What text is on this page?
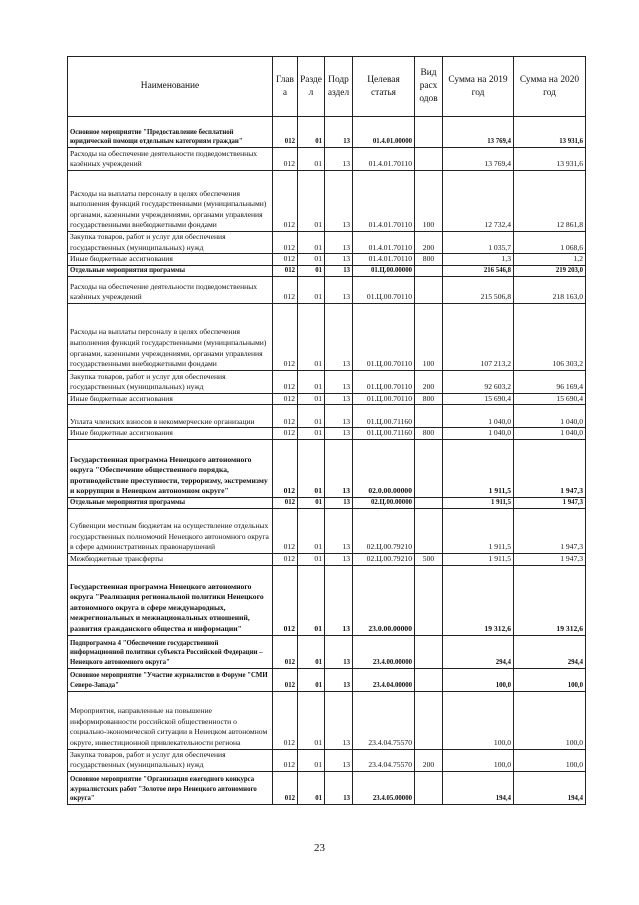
Наименование	Глав а	Разде л	Подр аздел	Целевая статья	Вид расх одов	Сумма на 2019 год	Сумма на 2020 год
Основное мероприятие "Предоставление бесплатной юридической помощи отдельным категориям граждан"	012	01	13	01.4.01.00000		13 769,4	13 931,6
Расходы на обеспечение деятельности подведомственных казённых учреждений	012	01	13	01.4.01.70110		13 769,4	13 931,6
Расходы на выплаты персоналу в целях обеспечения выполнения функций государственными (муниципальными) органами, казенными учреждениями, органами управления государственными внебюджетными фондами	012	01	13	01.4.01.70110	100	12 732,4	12 861,8
Закупка товаров, работ и услуг для обеспечения государственных (муниципальных) нужд	012	01	13	01.4.01.70110	200	1 035,7	1 068,6
Иные бюджетные ассигнования	012	01	13	01.4.01.70110	800	1,3	1,2
Отдельные мероприятия программы	012	01	13	01.Ц.00.00000		216 546,8	219 203,0
Расходы на обеспечение деятельности подведомственных казённых учреждений	012	01	13	01.Ц.00.70110		215 506,8	218 163,0
Расходы на выплаты персоналу в целях обеспечения выполнения функций государственными (муниципальными) органами, казенными учреждениями, органами управления государственными внебюджетными фондами	012	01	13	01.Ц.00.70110	100	107 213,2	106 303,2
Закупка товаров, работ и услуг для обеспечения государственных (муниципальных) нужд	012	01	13	01.Ц.00.70110	200	92 603,2	96 169,4
Иные бюджетные ассигнования	012	01	13	01.Ц.00.70110	800	15 690,4	15 690,4
Уплата членских взносов в некоммерческие организации	012	01	13	01.Ц.00.71160		1 040,0	1 040,0
Иные бюджетные ассигнования	012	01	13	01.Ц.00.71160	800	1 040,0	1 040,0
Государственная программа Ненецкого автономного округа "Обеспечение общественного порядка, противодействие преступности, терроризму, экстремизму и коррупции в Ненецком автономном округе"	012	01	13	02.0.00.00000		1 911,5	1 947,3
Отдельные мероприятия программы	012	01	13	02.Ц.00.00000		1 911,5	1 947,3
Субвенции местным бюджетам на осуществление отдельных государственных полномочий Ненецкого автономного округа в сфере административных правонарушений	012	01	13	02.Ц.00.79210		1 911,5	1 947,3
Межбюджетные трансферты	012	01	13	02.Ц.00.79210	500	1 911,5	1 947,3
Государственная программа Ненецкого автономного округа "Реализация региональной политики Ненецкого автономного округа в сфере международных, межрегиональных и межнациональных отношений, развития гражданского общества и информации"	012	01	13	23.0.00.00000		19 312,6	19 312,6
Подпрограмма 4 "Обеспечение государственной информационной политики субъекта Российской Федерации – Ненецкого автономного округа"	012	01	13	23.4.00.00000		294,4	294,4
Основное мероприятие "Участие журналистов в Форуме "СМИ Северо-Запада"	012	01	13	23.4.04.00000		100,0	100,0
Мероприятия, направленные на повышение информированности российской общественности о социально-экономической ситуации в Ненецком автономном округе, инвестиционной привлекательности региона	012	01	13	23.4.04.75570		100,0	100,0
Закупка товаров, работ и услуг для обеспечения государственных (муниципальных) нужд	012	01	13	23.4.04.75570	200	100,0	100,0
Основное мероприятие "Организация ежегодного конкурса журналистских работ "Золотое перо Ненецкого автономного округа"	012	01	13	23.4.05.00000		194,4	194,4
23
